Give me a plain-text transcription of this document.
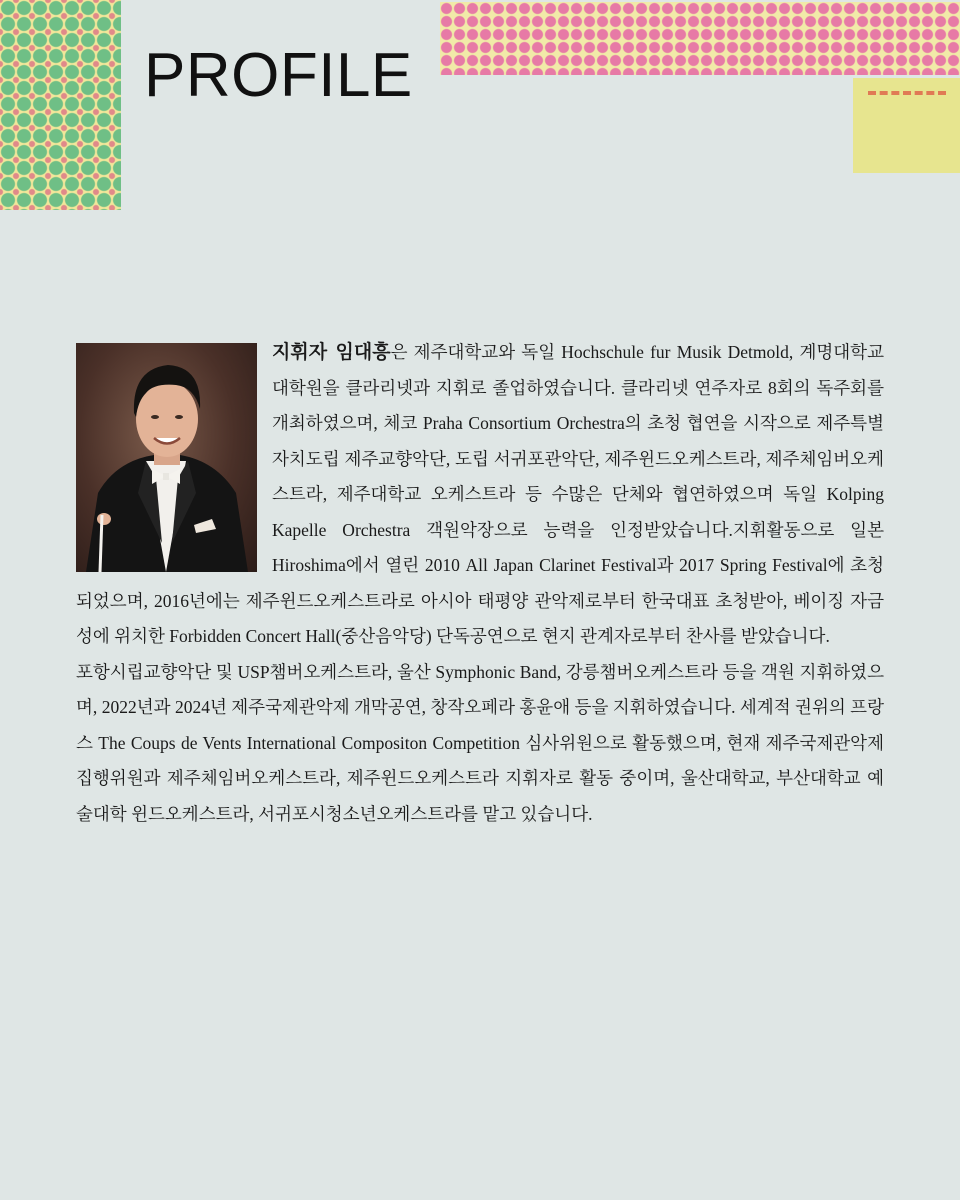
PROFILE

지휘자 임대흥은 제주대학교와 독일 Hochschule fur Musik Detmold, 계명대학교 대학원을 클라리넷과 지휘로 졸업하였습니다. 클라리넷 연주자로 8회의 독주회를 개최하였으며, 체코 Praha Consortium Orchestra의 초청 협연을 시작으로 제주특별자치도립 제주교향악단, 도립 서귀포관악단, 제주윈드오케스트라, 제주체임버오케스트라, 제주대학교 오케스트라 등 수많은 단체와 협연하였으며 독일 Kolping Kapelle Orchestra 객원악장으로 능력을 인정받았습니다.지휘활동으로 일본 Hiroshima에서 열린 2010 All Japan Clarinet Festival과 2017 Spring Festival에 초청되었으며, 2016년에는 제주윈드오케스트라로 아시아 태평양 관악제로부터 한국대표 초청받아, 베이징 자금성에 위치한 Forbidden Concert Hall(중산음악당) 단독공연으로 현지 관계자로부터 찬사를 받았습니다.
포항시립교향악단 및 USP챔버오케스트라, 울산 Symphonic Band, 강릉챔버오케스트라 등을 객원 지휘하였으며, 2022년과 2024년 제주국제관악제 개막공연, 창작오페라 홍윤애 등을 지휘하였습니다. 세계적 권위의 프랑스 The Coups de Vents International Compositon Competition 심사위원으로 활동했으며, 현재 제주국제관악제 집행위원과 제주체임버오케스트라, 제주윈드오케스트라 지휘자로 활동 중이며, 울산대학교, 부산대학교 예술대학 윈드오케스트라, 서귀포시청소년오케스트라를 맡고 있습니다.
